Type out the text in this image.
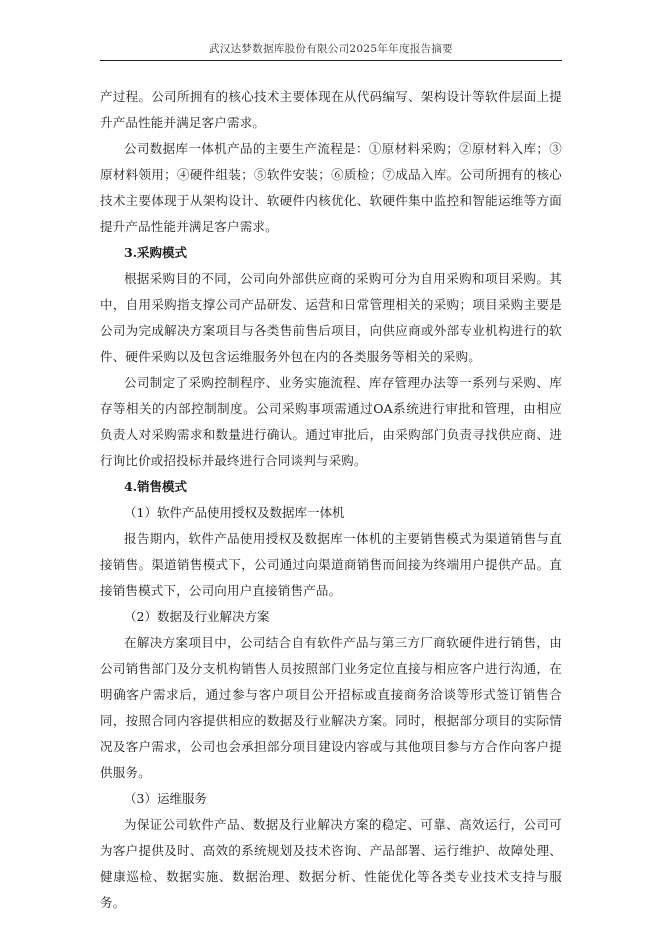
武汉达梦数据库股份有限公司2025年年度报告摘要

产过程。公司所拥有的核心技术主要体现在从代码编写、架构设计等软件层面上提升产品性能并满足客户需求。

公司数据库一体机产品的主要生产流程是：①原材料采购；②原材料入库；③原材料领用；④硬件组装；⑤软件安装；⑥质检；⑦成品入库。公司所拥有的核心技术主要体现于从架构设计、软硬件内核优化、软硬件集中监控和智能运维等方面提升产品性能并满足客户需求。

3.采购模式

根据采购目的不同，公司向外部供应商的采购可分为自用采购和项目采购。其中，自用采购指支撑公司产品研发、运营和日常管理相关的采购；项目采购主要是公司为完成解决方案项目与各类售前售后项目，向供应商或外部专业机构进行的软件、硬件采购以及包含运维服务外包在内的各类服务等相关的采购。

公司制定了采购控制程序、业务实施流程、库存管理办法等一系列与采购、库存等相关的内部控制制度。公司采购事项需通过OA系统进行审批和管理，由相应负责人对采购需求和数量进行确认。通过审批后，由采购部门负责寻找供应商、进行询比价或招投标并最终进行合同谈判与采购。

4.销售模式
（1）软件产品使用授权及数据库一体机

报告期内，软件产品使用授权及数据库一体机的主要销售模式为渠道销售与直接销售。渠道销售模式下，公司通过向渠道商销售而间接为终端用户提供产品。直接销售模式下，公司向用户直接销售产品。

（2）数据及行业解决方案

在解决方案项目中，公司结合自有软件产品与第三方厂商软硬件进行销售，由公司销售部门及分支机构销售人员按照部门业务定位直接与相应客户进行沟通，在明确客户需求后，通过参与客户项目公开招标或直接商务洽谈等形式签订销售合同，按照合同内容提供相应的数据及行业解决方案。同时，根据部分项目的实际情况及客户需求，公司也会承担部分项目建设内容或与其他项目参与方合作向客户提供服务。

（3）运维服务

为保证公司软件产品、数据及行业解决方案的稳定、可靠、高效运行，公司可为客户提供及时、高效的系统规划及技术咨询、产品部署、运行维护、故障处理、健康巡检、数据实施、数据治理、数据分析、性能优化等各类专业技术支持与服务。
